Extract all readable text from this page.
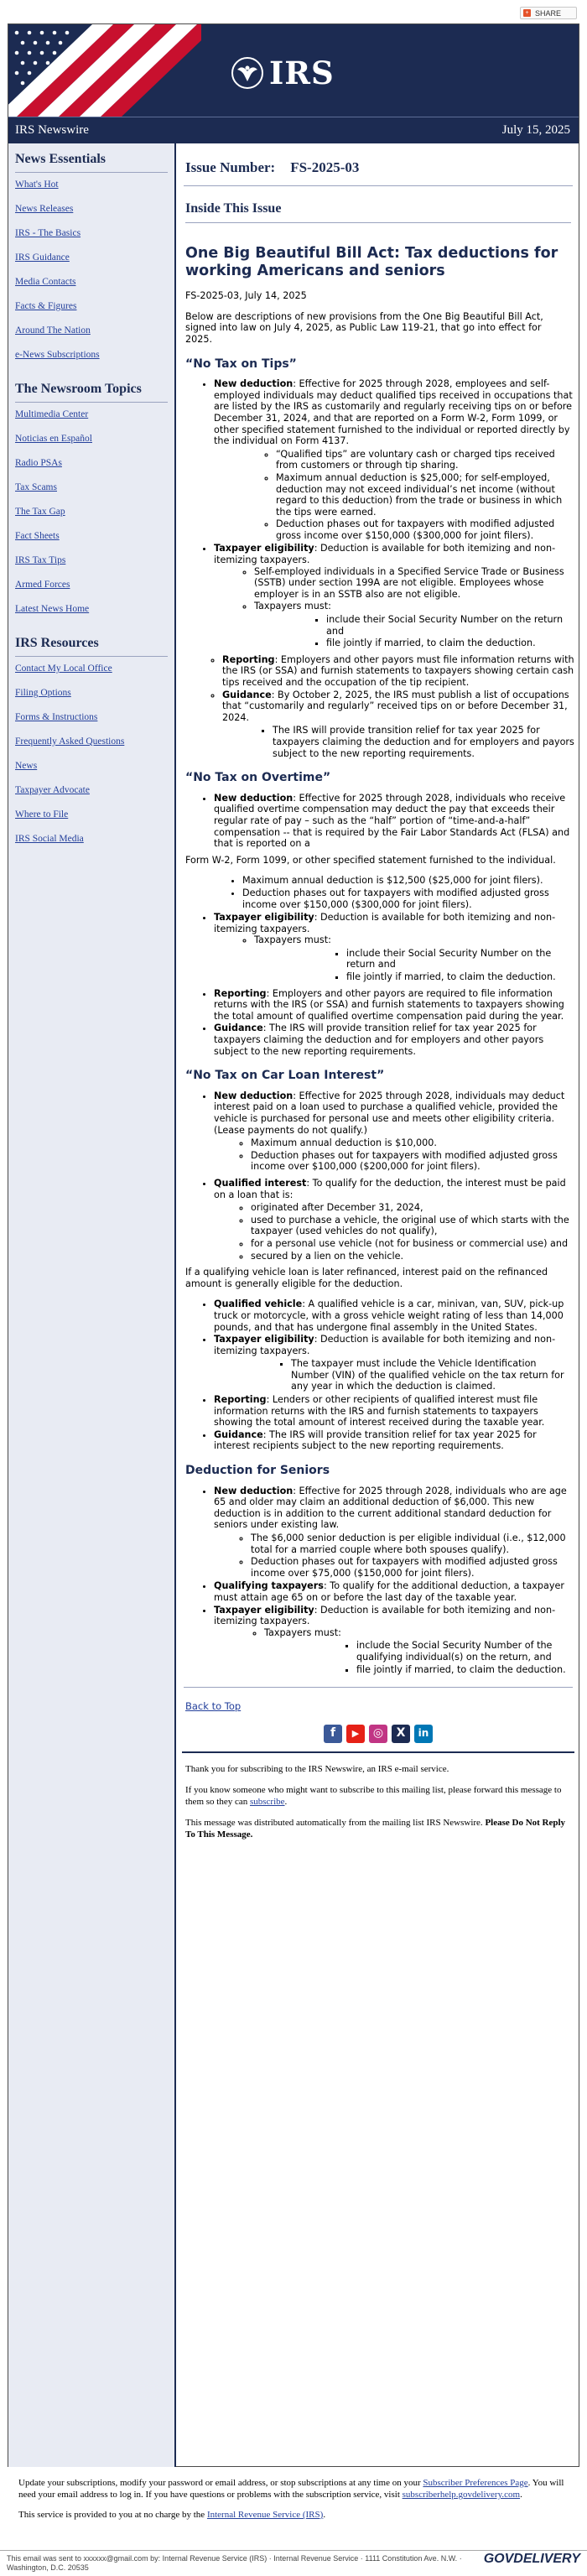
+ SHARE
IRS
IRS Newswire	July 15, 2025
News Essentials
What's Hot
News Releases
IRS - The Basics
IRS Guidance
Media Contacts
Facts & Figures
Around The Nation
e-News Subscriptions
The Newsroom Topics
Multimedia Center
Noticias en Español
Radio PSAs
Tax Scams
The Tax Gap
Fact Sheets
IRS Tax Tips
Armed Forces
Latest News Home
IRS Resources
Contact My Local Office
Filing Options
Forms & Instructions
Frequently Asked Questions
News
Taxpayer Advocate
Where to File
IRS Social Media
Issue Number: FS-2025-03
Inside This Issue
One Big Beautiful Bill Act: Tax deductions for working Americans and seniors

FS-2025-03, July 14, 2025

Below are descriptions of new provisions from the One Big Beautiful Bill Act, signed into law on July 4, 2025, as Public Law 119-21, that go into effect for 2025.

“No Tax on Tips”
• New deduction: Effective for 2025 through 2028, employees and self-employed individuals may deduct qualified tips received in occupations that are listed by the IRS as customarily and regularly receiving tips on or before December 31, 2024, and that are reported on a Form W-2, Form 1099, or other specified statement furnished to the individual or reported directly by the individual on Form 4137.
◦ “Qualified tips” are voluntary cash or charged tips received from customers or through tip sharing.
◦ Maximum annual deduction is $25,000; for self-employed, deduction may not exceed individual’s net income (without regard to this deduction) from the trade or business in which the tips were earned.
◦ Deduction phases out for taxpayers with modified adjusted gross income over $150,000 ($300,000 for joint filers).
• Taxpayer eligibility: Deduction is available for both itemizing and non-itemizing taxpayers.
◦ Self-employed individuals in a Specified Service Trade or Business (SSTB) under section 199A are not eligible. Employees whose employer is in an SSTB also are not eligible.
◦ Taxpayers must:
▪ include their Social Security Number on the return and
▪ file jointly if married, to claim the deduction.
◦ Reporting: Employers and other payors must file information returns with the IRS (or SSA) and furnish statements to taxpayers showing certain cash tips received and the occupation of the tip recipient.
◦ Guidance: By October 2, 2025, the IRS must publish a list of occupations that “customarily and regularly” received tips on or before December 31, 2024.
▪ The IRS will provide transition relief for tax year 2025 for taxpayers claiming the deduction and for employers and payors subject to the new reporting requirements.
“No Tax on Overtime”
• New deduction: Effective for 2025 through 2028, individuals who receive qualified overtime compensation may deduct the pay that exceeds their regular rate of pay – such as the “half” portion of “time-and-a-half” compensation -- that is required by the Fair Labor Standards Act (FLSA) and that is reported on a

Form W-2, Form 1099, or other specified statement furnished to the individual.

• Maximum annual deduction is $12,500 ($25,000 for joint filers).
• Deduction phases out for taxpayers with modified adjusted gross income over $150,000 ($300,000 for joint filers).
• Taxpayer eligibility: Deduction is available for both itemizing and non-itemizing taxpayers.
◦ Taxpayers must:
▪ include their Social Security Number on the return and
▪ file jointly if married, to claim the deduction.
• Reporting: Employers and other payors are required to file information returns with the IRS (or SSA) and furnish statements to taxpayers showing the total amount of qualified overtime compensation paid during the year.
• Guidance: The IRS will provide transition relief for tax year 2025 for taxpayers claiming the deduction and for employers and other payors subject to the new reporting requirements.
“No Tax on Car Loan Interest”
• New deduction: Effective for 2025 through 2028, individuals may deduct interest paid on a loan used to purchase a qualified vehicle, provided the vehicle is purchased for personal use and meets other eligibility criteria. (Lease payments do not qualify.)
◦ Maximum annual deduction is $10,000.
◦ Deduction phases out for taxpayers with modified adjusted gross income over $100,000 ($200,000 for joint filers).
• Qualified interest: To qualify for the deduction, the interest must be paid on a loan that is:
◦ originated after December 31, 2024,
◦ used to purchase a vehicle, the original use of which starts with the taxpayer (used vehicles do not qualify),
◦ for a personal use vehicle (not for business or commercial use) and
◦ secured by a lien on the vehicle.

If a qualifying vehicle loan is later refinanced, interest paid on the refinanced amount is generally eligible for the deduction.

• Qualified vehicle: A qualified vehicle is a car, minivan, van, SUV, pick-up truck or motorcycle, with a gross vehicle weight rating of less than 14,000 pounds, and that has undergone final assembly in the United States.
• Taxpayer eligibility: Deduction is available for both itemizing and non-itemizing taxpayers.
▪ The taxpayer must include the Vehicle Identification Number (VIN) of the qualified vehicle on the tax return for any year in which the deduction is claimed.
• Reporting: Lenders or other recipients of qualified interest must file information returns with the IRS and furnish statements to taxpayers showing the total amount of interest received during the taxable year.
• Guidance: The IRS will provide transition relief for tax year 2025 for interest recipients subject to the new reporting requirements.
Deduction for Seniors
• New deduction: Effective for 2025 through 2028, individuals who are age 65 and older may claim an additional deduction of $6,000. This new deduction is in addition to the current additional standard deduction for seniors under existing law.
◦ The $6,000 senior deduction is per eligible individual (i.e., $12,000 total for a married couple where both spouses qualify).
◦ Deduction phases out for taxpayers with modified adjusted gross income over $75,000 ($150,000 for joint filers).
• Qualifying taxpayers: To qualify for the additional deduction, a taxpayer must attain age 65 on or before the last day of the taxable year.
• Taxpayer eligibility: Deduction is available for both itemizing and non-itemizing taxpayers.
◦ Taxpayers must:
▪ include the Social Security Number of the qualifying individual(s) on the return, and
▪ file jointly if married, to claim the deduction.
Back to Top
f	▶	◎	X	in

Thank you for subscribing to the IRS Newswire, an IRS e-mail service.

If you know someone who might want to subscribe to this mailing list, please forward this message to them so they can subscribe.

This message was distributed automatically from the mailing list IRS Newswire. Please Do Not Reply To This Message.

Update your subscriptions, modify your password or email address, or stop subscriptions at any time on your Subscriber Preferences Page. You will need your email address to log in. If you have questions or problems with the subscription service, visit subscriberhelp.govdelivery.com.

This service is provided to you at no charge by the Internal Revenue Service (IRS).

This email was sent to xxxxxx@gmail.com by: Internal Revenue Service (IRS) · Internal Revenue Service · 1111 Constitution Ave. N.W. · Washington, D.C. 20535
GOVDELIVERY
